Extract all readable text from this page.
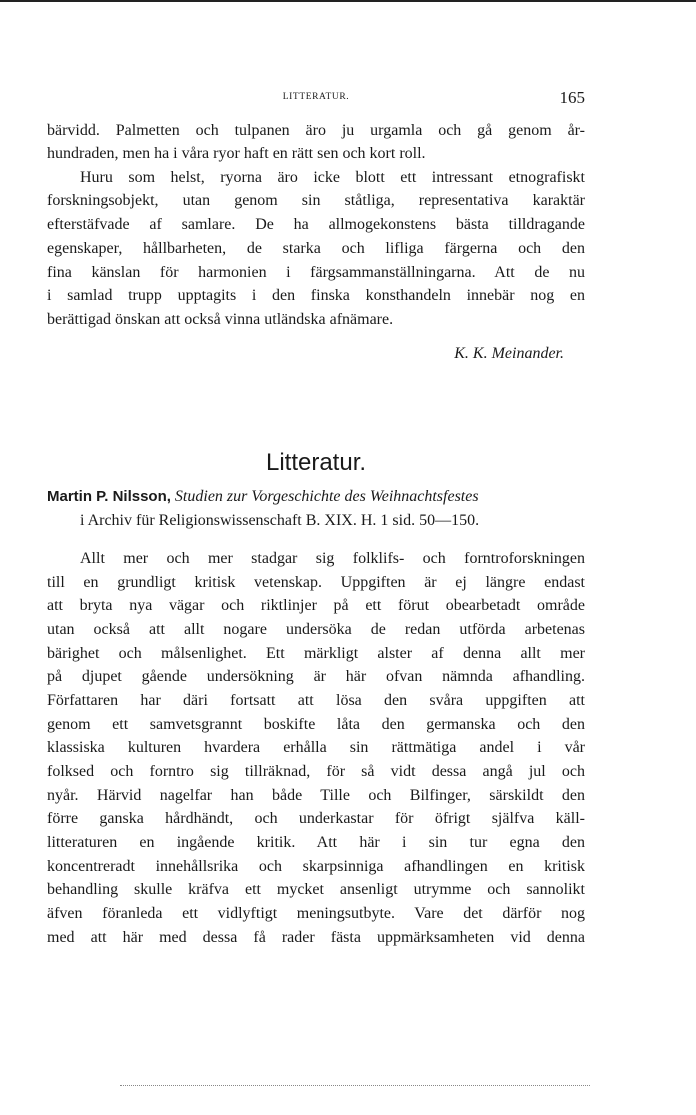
LITTERATUR.	165
bärvidd. Palmetten och tulpanen äro ju urgamla och gå genom år-
hundraden, men ha i våra ryor haft en rätt sen och kort roll.
Huru som helst, ryorna äro icke blott ett intressant etnografiskt
forskningsobjekt, utan genom sin ståtliga, representativa karaktär
efterstäfvade af samlare. De ha allmogekonstens bästa tilldragande
egenskaper, hållbarheten, de starka och lifliga färgerna och den
fina känslan för harmonien i färgsammanställningarna. Att de nu
i samlad trupp upptagits i den finska konsthandeln innebär nog en
berättigad önskan att också vinna utländska afnämare.
K. K. Meinander.
Litteratur.
Martin P. Nilsson, Studien zur Vorgeschichte des Weihnachtsfestes
i Archiv für Religionswissenschaft B. XIX. H. 1 sid. 50—150.
Allt mer och mer stadgar sig folklifs- och forntroforskningen
till en grundligt kritisk vetenskap. Uppgiften är ej längre endast
att bryta nya vägar och riktlinjer på ett förut obearbetadt område
utan också att allt nogare undersöka de redan utförda arbetenas
bärighet och målsenlighet. Ett märkligt alster af denna allt mer
på djupet gående undersökning är här ofvan nämnda afhandling.
Författaren har däri fortsatt att lösa den svåra uppgiften att
genom ett samvetsgrannt boskifte låta den germanska och den
klassiska kulturen hvardera erhålla sin rättmätiga andel i vår
folksed och forntro sig tillräknad, för så vidt dessa angå jul och
nyår. Härvid nagelfar han både Tille och Bilfinger, särskildt den
förre ganska hårdhändt, och underkastar för öfrigt själfva käll-
litteraturen en ingående kritik. Att här i sin tur egna den
koncentreradt innehållsrika och skarpsinniga afhandlingen en kritisk
behandling skulle kräfva ett mycket ansenligt utrymme och sannolikt
äfven föranleda ett vidlyftigt meningsutbyte. Vare det därför nog
med att här med dessa få rader fästa uppmärksamheten vid denna
